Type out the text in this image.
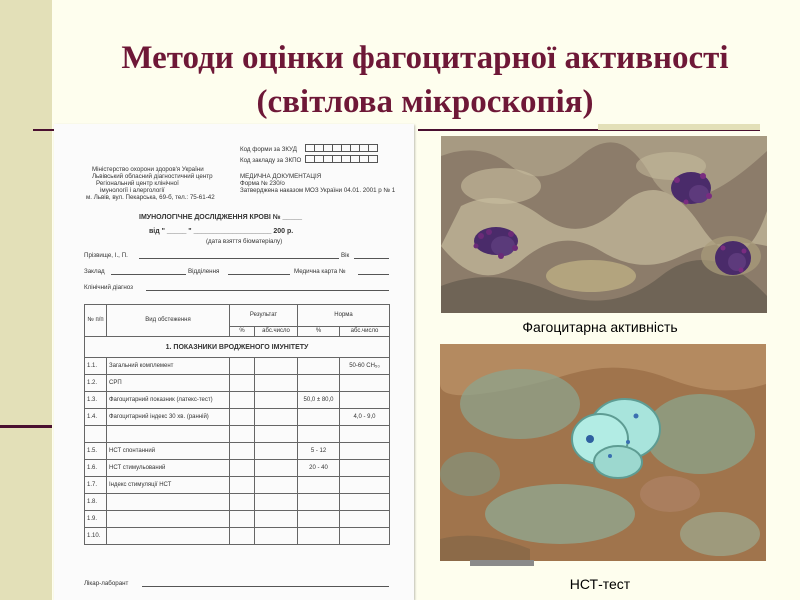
Методи оцінки фагоцитарної активності
(світлова мікроскопія)
Код форми за ЗКУД
Код закладу за ЗКПО
Міністерство охорони здоров'я України
Львівський обласний діагностичний центр
Регіональний центр клінічної
імунології і алергології
м. Львів, вул. Пекарська, 69-б, тел.: 75-61-42
МЕДИЧНА ДОКУМЕНТАЦІЯ
Форма № 230/о
Затверджена наказом МОЗ України 04.01. 2001 р № 1
ІМУНОЛОГІЧНЕ ДОСЛІДЖЕННЯ КРОВІ № _____
від " _____ " ____________________ 200 р.
(дата взяття біоматеріалу)
Прізвище, І., П.	Вік
Заклад	Відділення	Медична карта №
Клінічний діагноз
№ п/п	Вид обстеження	Результат		Норма	
		%	абс.число	%	абс.число
1. ПОКАЗНИКИ ВРОДЖЕНОГО ІМУНІТЕТУ					
1.1.	Загальний комплемент				50-60 CH₅₀
1.2.	СРП				
1.3.	Фагоцитарний показник (латекс-тест)			50,0 ± 80,0	
1.4.	Фагоцитарний індекс 30 хв. (ранній)				4,0 - 9,0

1.5.	НСТ спонтанний			5 - 12	
1.6.	НСТ стимульований			20 - 40	
1.7.	Індекс стимуляції НСТ				
1.8.					
1.9.					
1.10.					
Лікар-лаборант
Фагоцитарна активність
НСТ-тест
